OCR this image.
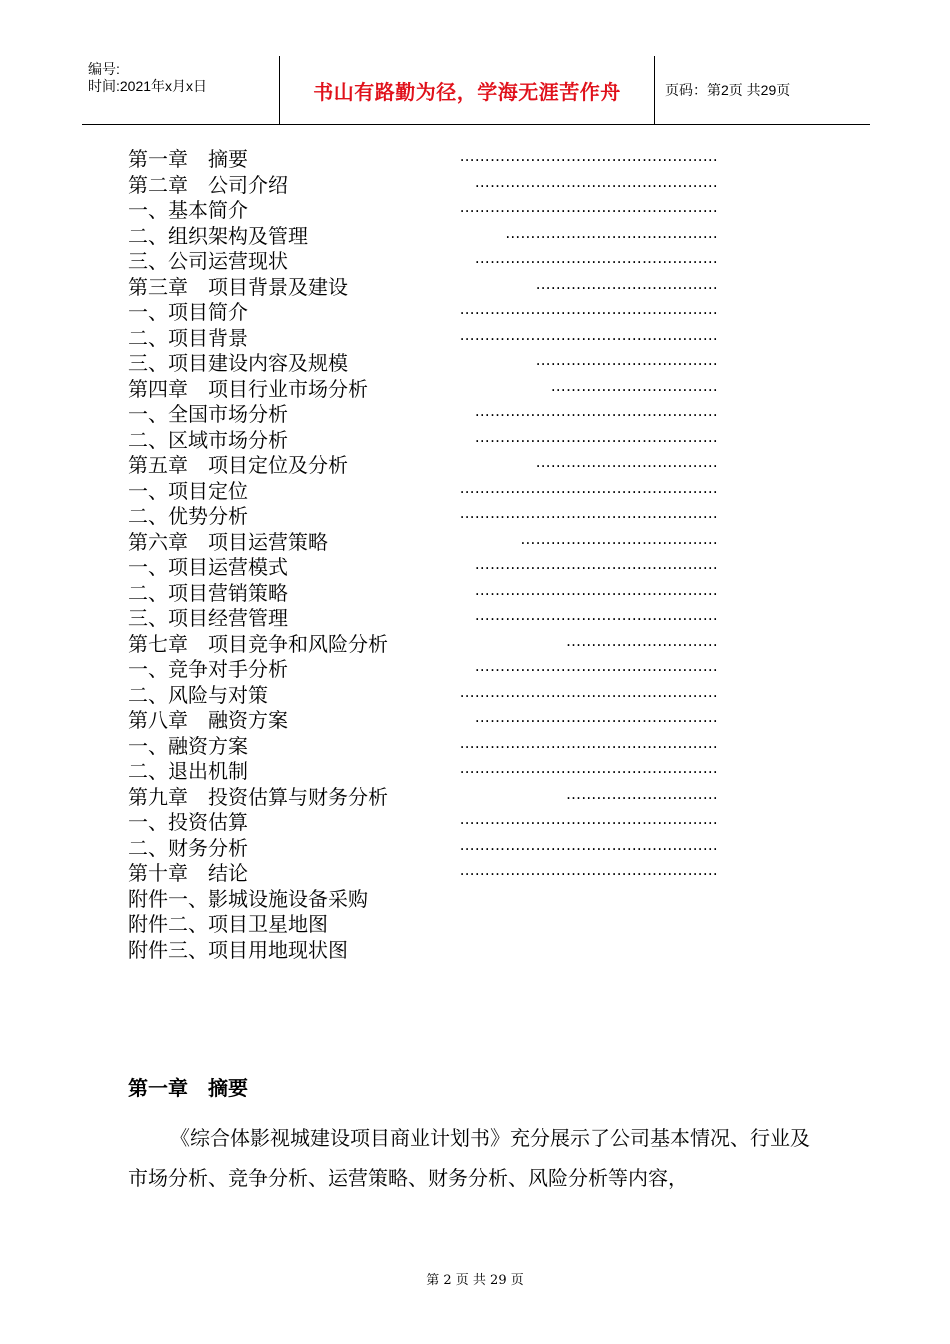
编号:
时间:2021年x月x日	书山有路勤为径，学海无涯苦作舟	页码：第2页 共29页
第一章　摘要	……………………………………………
第二章　公司介绍	…………………………………………
一、基本简介	……………………………………………
二、组织架构及管理	……………………………………
三、公司运营现状	…………………………………………
第三章　项目背景及建设	………………………………
一、项目简介	……………………………………………
二、项目背景	……………………………………………
三、项目建设内容及规模	………………………………
第四章　项目行业市场分析	……………………………
一、全国市场分析	…………………………………………
二、区域市场分析	…………………………………………
第五章　项目定位及分析	………………………………
一、项目定位	……………………………………………
二、优势分析	……………………………………………
第六章　项目运营策略	…………………………………
一、项目运营模式	…………………………………………
二、项目营销策略	…………………………………………
三、项目经营管理	…………………………………………
第七章　项目竞争和风险分析	…………………………
一、竞争对手分析	…………………………………………
二、风险与对策	……………………………………………
第八章　融资方案	…………………………………………
一、融资方案	……………………………………………
二、退出机制	……………………………………………
第九章　投资估算与财务分析	…………………………
一、投资估算	……………………………………………
二、财务分析	……………………………………………
第十章　结论	……………………………………………
附件一、影城设施设备采购
附件二、项目卫星地图
附件三、项目用地现状图
第一章　摘要
《综合体影视城建设项目商业计划书》充分展示了公司基本情况、行业及市场分析、竞争分析、运营策略、财务分析、风险分析等内容，
第 2 页 共 29 页
